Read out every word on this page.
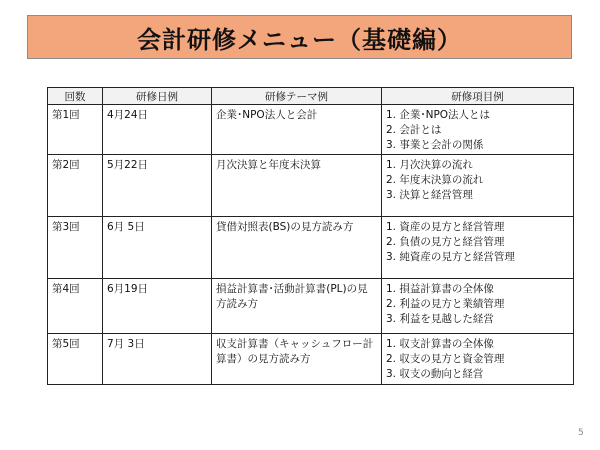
会計研修メニュー（基礎編）
回数	研修日例	研修テーマ例	研修項目例
第1回	4月24日	企業･NPO法人と会計	1. 企業･NPO法人とは
2. 会計とは
3. 事業と会計の関係

第2回	5月22日	月次決算と年度末決算	1. 月次決算の流れ
2. 年度末決算の流れ
3. 決算と経営管理

第3回	6月 5日	貸借対照表(BS)の見方読み方	1. 資産の見方と経営管理
2. 負債の見方と経営管理
3. 純資産の見方と経営管理

第4回	6月19日	損益計算書･活動計算書(PL)の見方読み方	1. 損益計算書の全体像
2. 利益の見方と業績管理
3. 利益を見越した経営

第5回	7月 3日	収支計算書（キャッシュフロー計算書）の見方読み方	1. 収支計算書の全体像
2. 収支の見方と資金管理
3. 収支の動向と経営
5
